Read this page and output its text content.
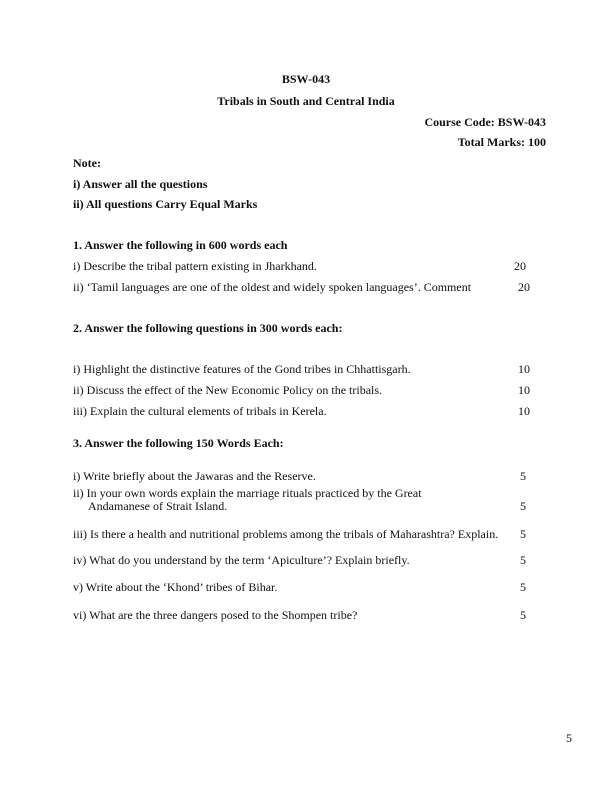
BSW-043
Tribals in South and Central India
Course Code: BSW-043
Total Marks: 100
Note:
i) Answer all the questions
ii) All questions Carry Equal Marks
1. Answer the following in 600 words each
i) Describe the tribal pattern existing in Jharkhand.	20
ii) ‘Tamil languages are one of the oldest and widely spoken languages’. Comment	20
2. Answer the following questions in 300 words each:
i) Highlight the distinctive features of the Gond tribes in Chhattisgarh.	10
ii) Discuss the effect of the New Economic Policy on the tribals.	10
iii) Explain the cultural elements of tribals in Kerela.	10
3. Answer the following 150 Words Each:
i) Write briefly about the Jawaras and the Reserve.	5
ii) In your own words explain the marriage rituals practiced by the Great
Andamanese of Strait Island.	5
iii) Is there a health and nutritional problems among the tribals of Maharashtra? Explain.	5
iv) What do you understand by the term ‘Apiculture’? Explain briefly.	5
v) Write about the ‘Khond’ tribes of Bihar.	5
vi) What are the three dangers posed to the Shompen tribe?	5
5
